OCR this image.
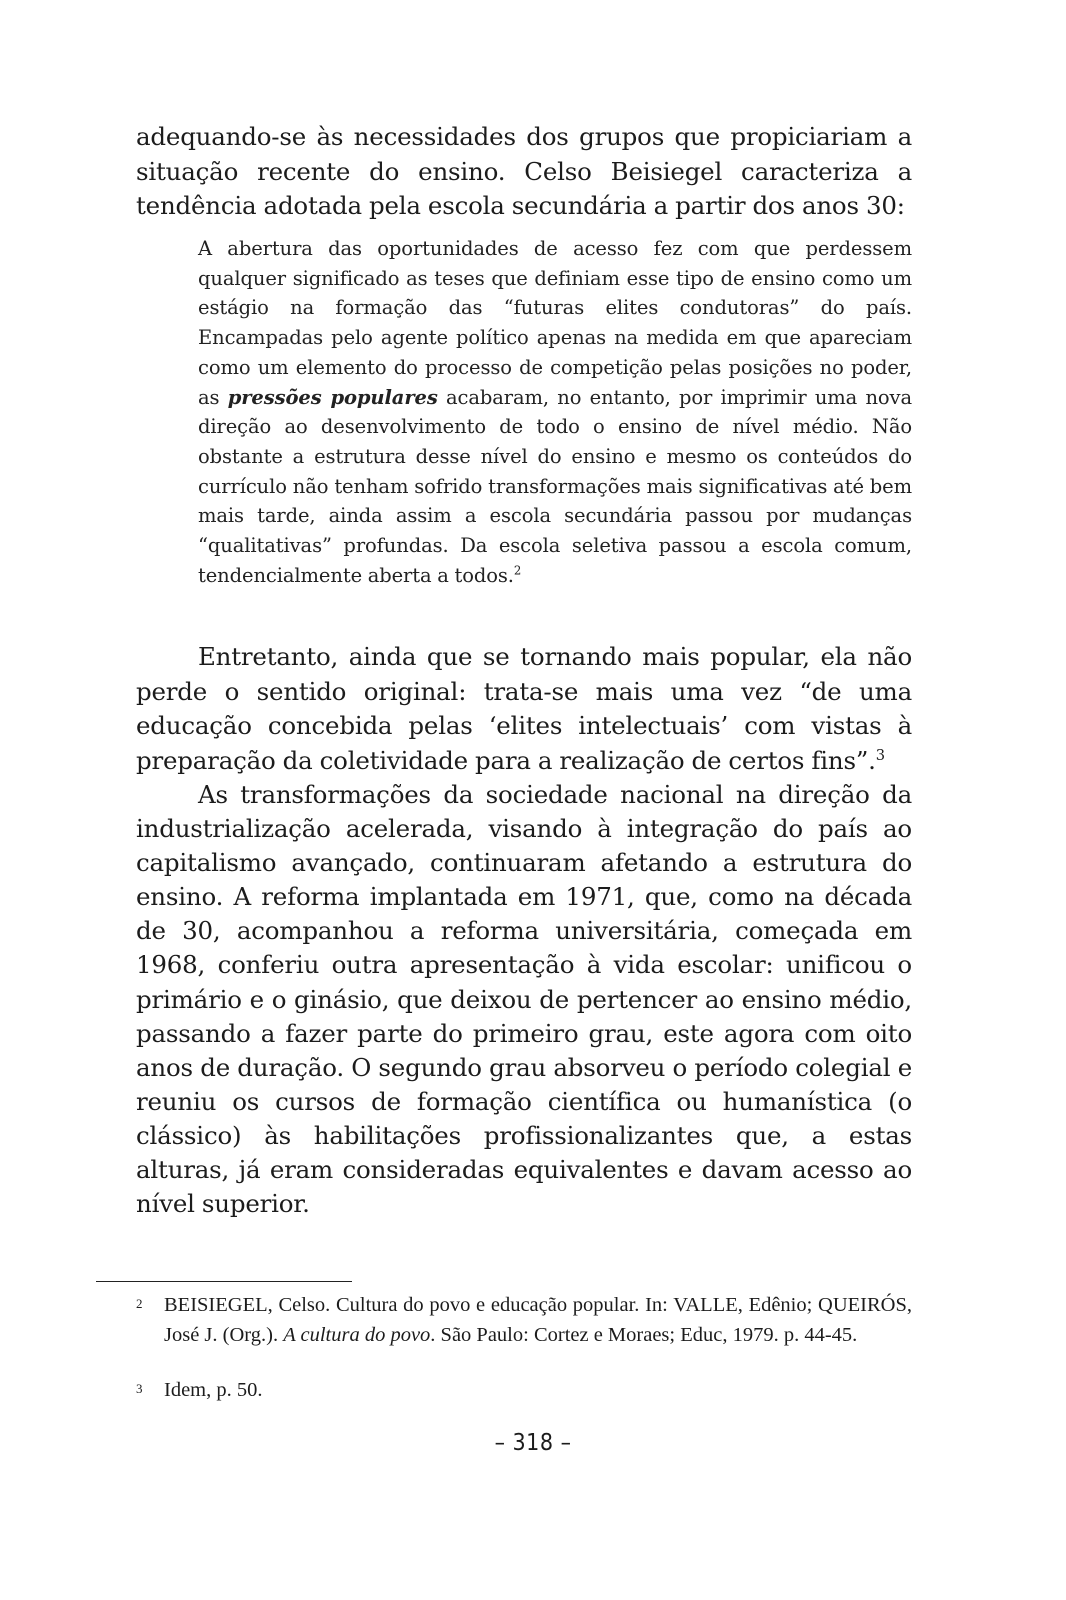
adequando-se às necessidades dos grupos que propiciariam a situação recente do ensino. Celso Beisiegel caracteriza a tendência adotada pela escola secundária a partir dos anos 30:

A abertura das oportunidades de acesso fez com que perdessem qualquer significado as teses que definiam esse tipo de ensino como um estágio na formação das “futuras elites condutoras” do país. Encampadas pelo agente político apenas na medida em que apareciam como um elemento do processo de competição pelas posições no poder, as pressões populares acabaram, no entanto, por imprimir uma nova direção ao desenvolvimento de todo o ensino de nível médio. Não obstante a estrutura desse nível do ensino e mesmo os conteúdos do currículo não tenham sofrido transformações mais significativas até bem mais tarde, ainda assim a escola secundária passou por mudanças “qualitativas” profundas. Da escola seletiva passou a escola comum, tendencialmente aberta a todos.$^2$

Entretanto, ainda que se tornando mais popular, ela não perde o sentido original: trata-se mais uma vez “de uma educação concebida pelas ‘elites intelectuais’ com vistas à preparação da coletividade para a realização de certos fins”.$^3$

As transformações da sociedade nacional na direção da industrialização acelerada, visando à integração do país ao capitalismo avançado, continuaram afetando a estrutura do ensino. A reforma implantada em 1971, que, como na década de 30, acompanhou a reforma universitária, começada em 1968, conferiu outra apresentação à vida escolar: unificou o primário e o ginásio, que deixou de pertencer ao ensino médio, passando a fazer parte do primeiro grau, este agora com oito anos de duração. O segundo grau absorveu o período colegial e reuniu os cursos de formação científica ou humanística (o clássico) às habilitações profissionalizantes que, a estas alturas, já eram consideradas equivalentes e davam acesso ao nível superior.

2	BEISIEGEL, Celso. Cultura do povo e educação popular. In: VALLE, Edênio; QUEIRÓS, José J. (Org.). A cultura do povo. São Paulo: Cortez e Moraes; Educ, 1979. p. 44-45.

3	Idem, p. 50.

– 318 –
